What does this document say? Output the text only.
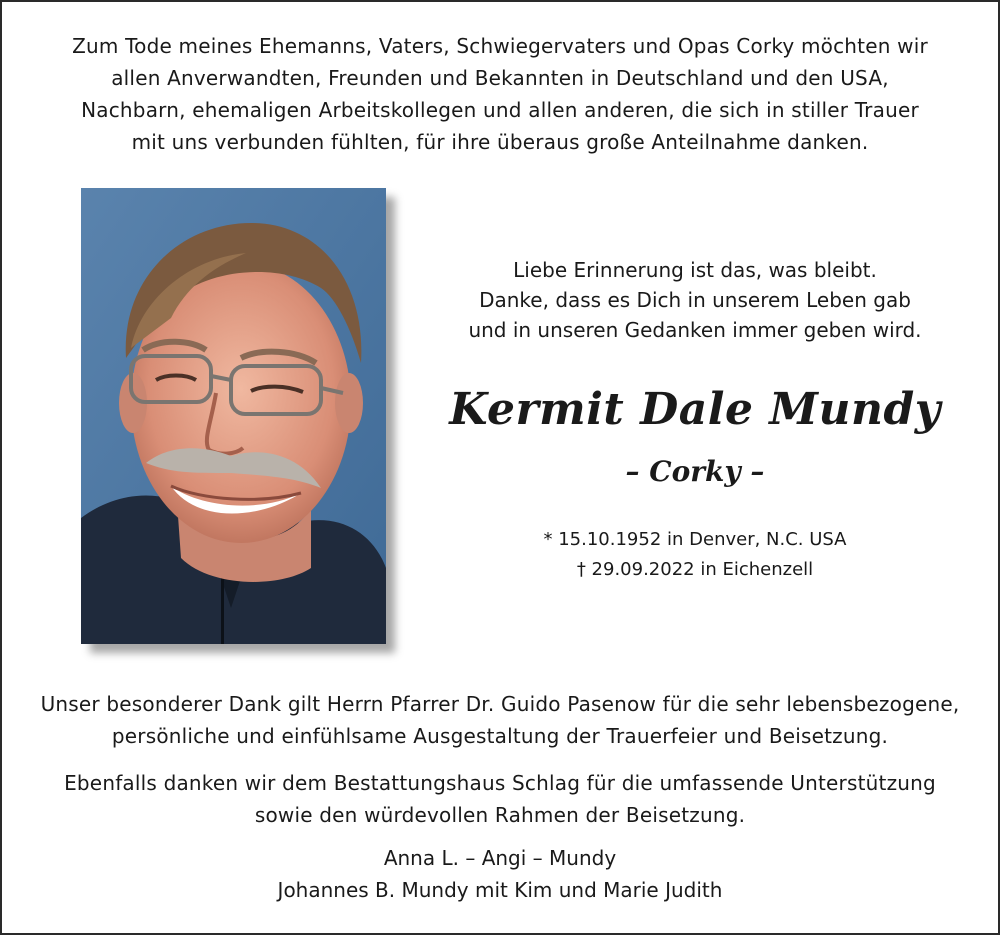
Zum Tode meines Ehemanns, Vaters, Schwiegervaters und Opas Corky möchten wir
allen Anverwandten, Freunden und Bekannten in Deutschland und den USA,
Nachbarn, ehemaligen Arbeitskollegen und allen anderen, die sich in stiller Trauer
mit uns verbunden fühlten, für ihre überaus große Anteilnahme danken.
Liebe Erinnerung ist das, was bleibt.
Danke, dass es Dich in unserem Leben gab
und in unseren Gedanken immer geben wird.
Kermit Dale Mundy
– Corky –
* 15.10.1952 in Denver, N.C. USA
† 29.09.2022 in Eichenzell
Unser besonderer Dank gilt Herrn Pfarrer Dr. Guido Pasenow für die sehr lebensbezogene,
persönliche und einfühlsame Ausgestaltung der Trauerfeier und Beisetzung.
Ebenfalls danken wir dem Bestattungshaus Schlag für die umfassende Unterstützung
sowie den würdevollen Rahmen der Beisetzung.
Anna L. – Angi – Mundy
Johannes B. Mundy mit Kim und Marie Judith
